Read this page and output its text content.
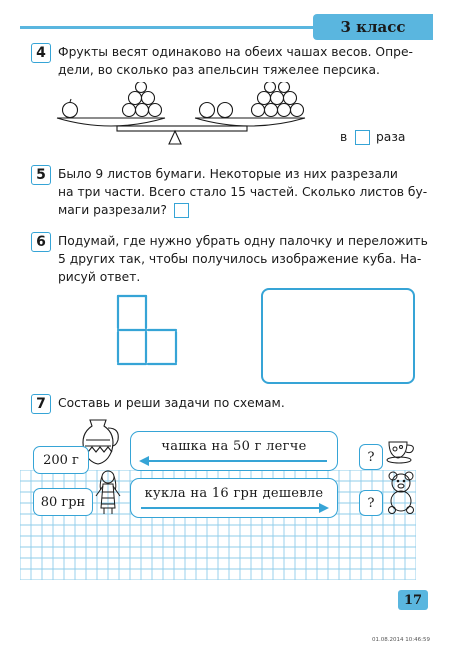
3 класс
4 Фрукты весят одинаково на обеих чашах весов. Опре-
дели, во сколько раз апельсин тяжелее персика.
в раза
5 Было 9 листов бумаги. Некоторые из них разрезали
на три части. Всего стало 15 частей. Сколько листов бу-
маги разрезали?
6 Подумай, где нужно убрать одну палочку и переложить
5 других так, чтобы получилось изображение куба. На-
рисуй ответ.
7 Составь и реши задачи по схемам.
200 г
чашка на 50 г легче
?
80 грн
кукла на 16 грн дешевле
?
17
01.08.2014 10:46:59
